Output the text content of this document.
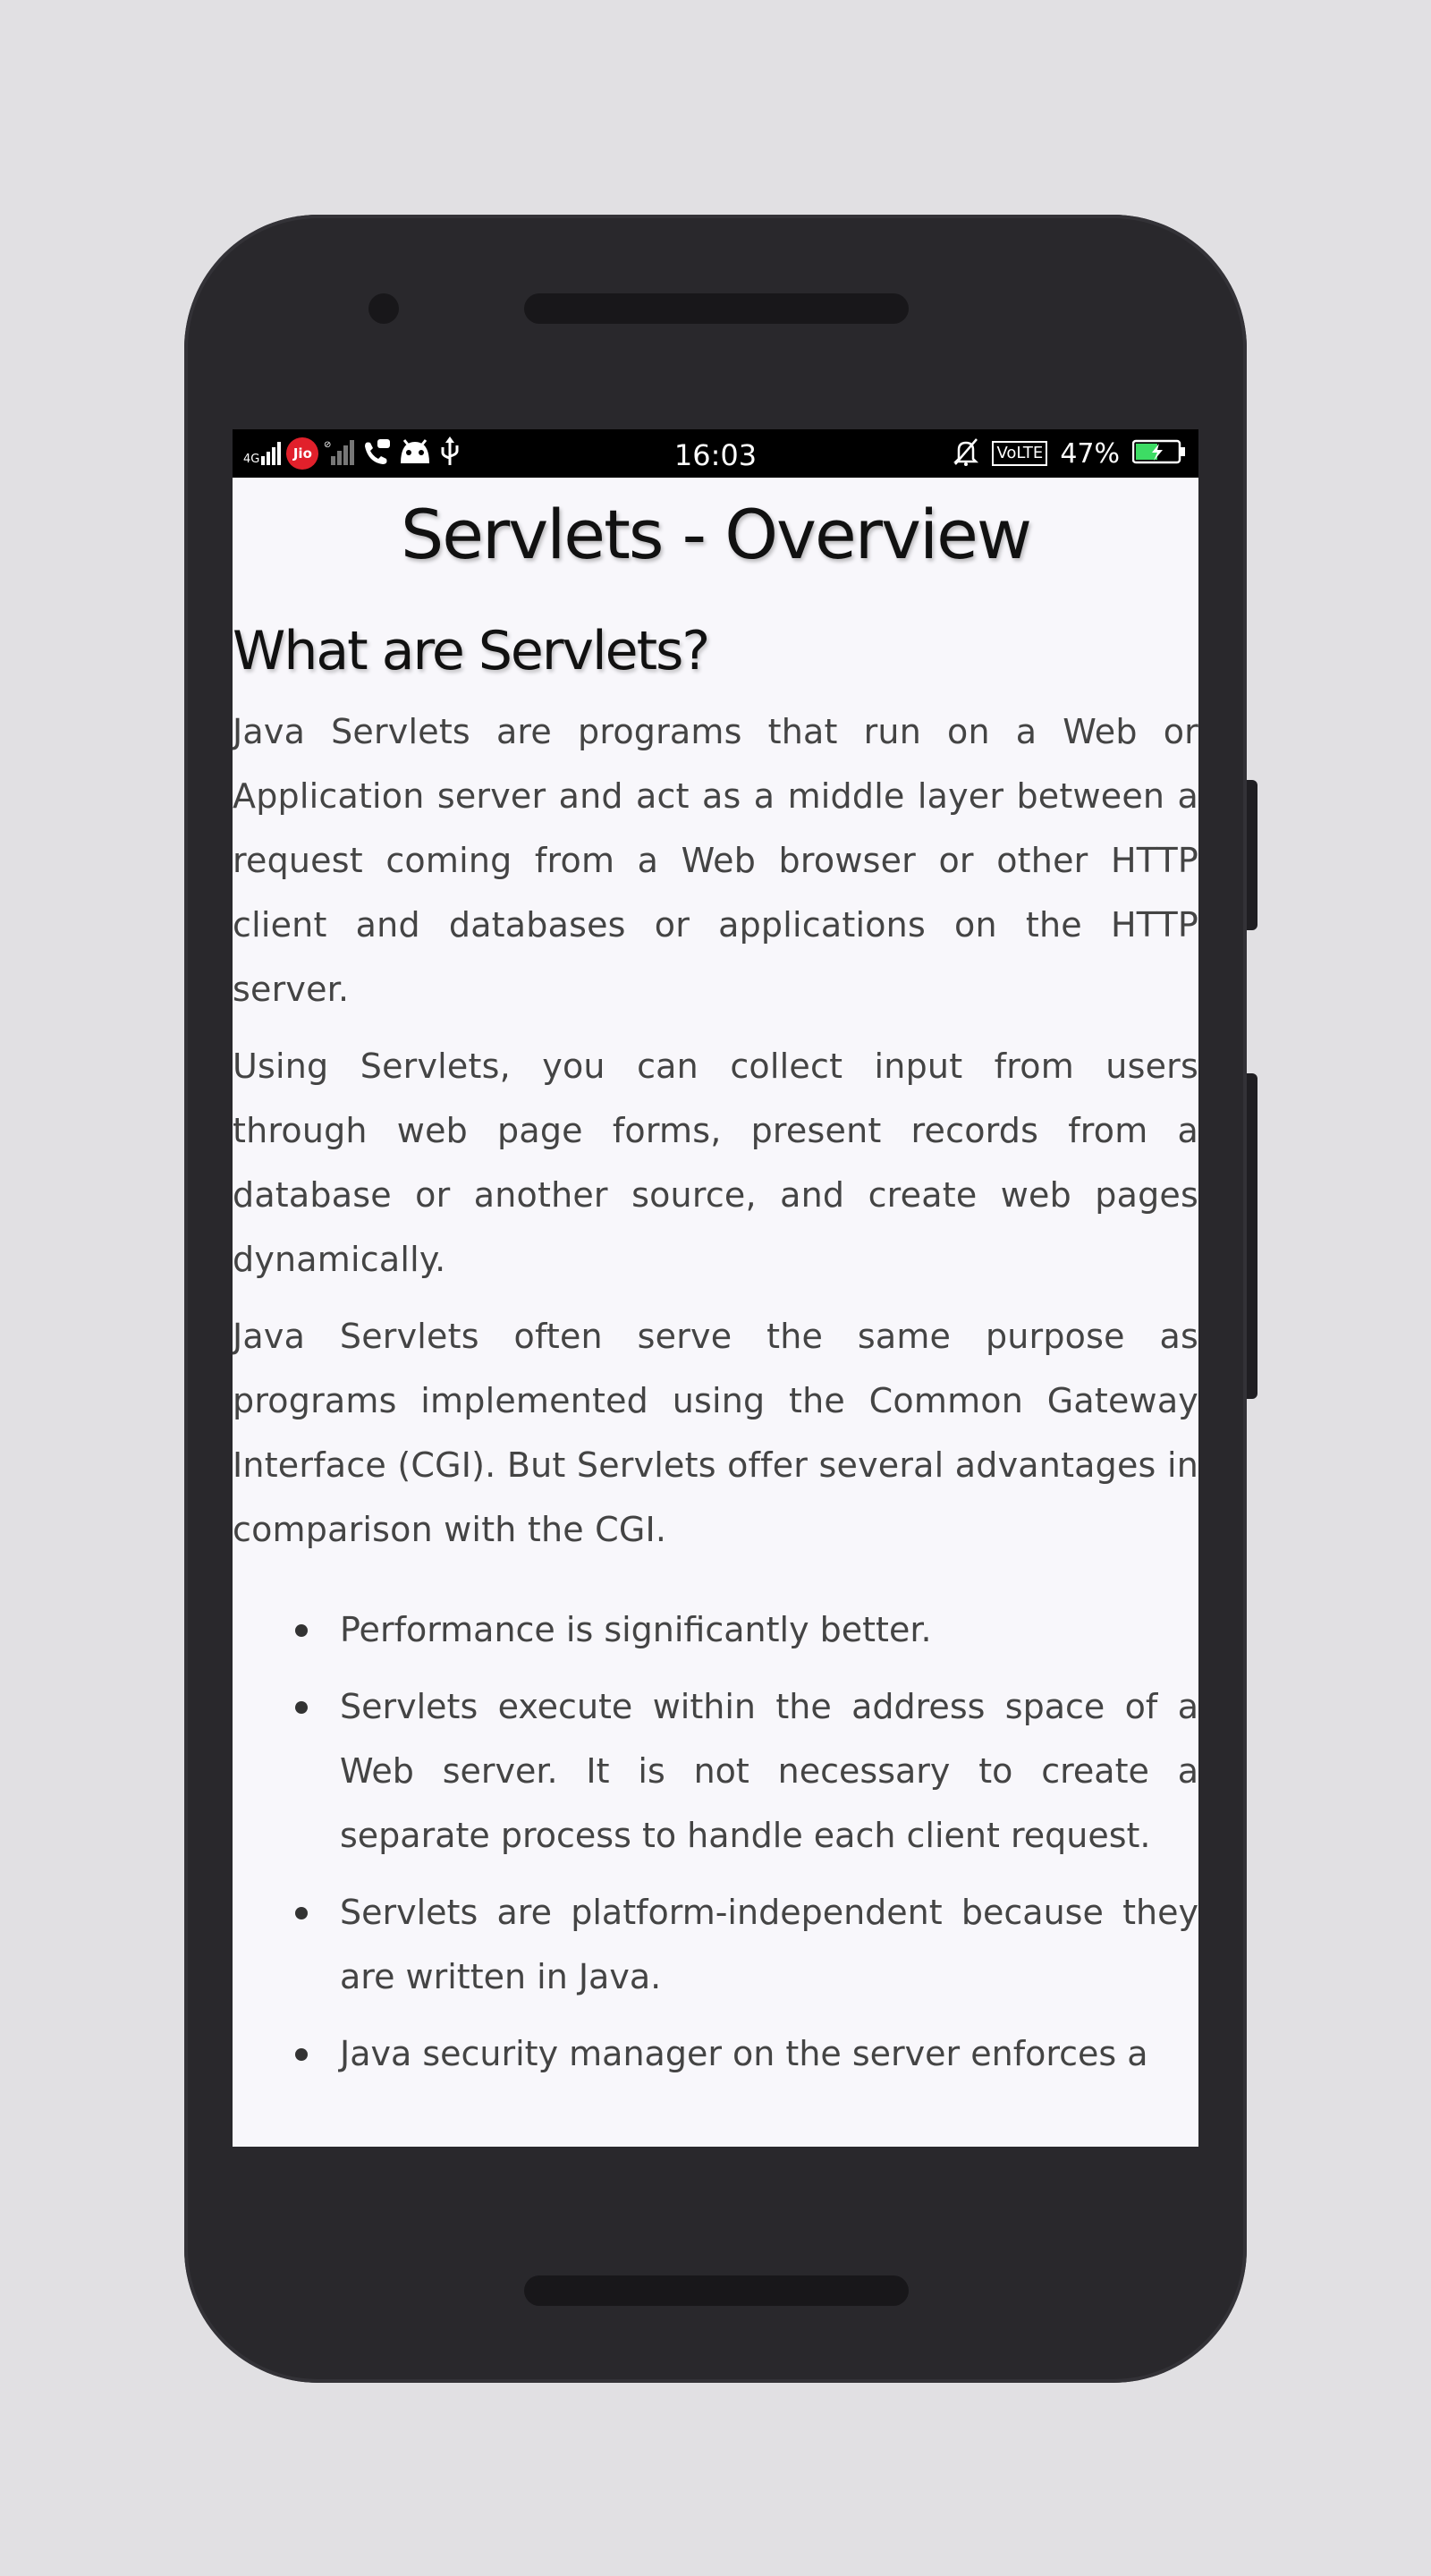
4G Jio
⊘	16:03	VoLTE 47%
Servlets - Overview
What are Servlets?

Java Servlets are programs that run on a Web or Application server and act as a middle layer between a request coming from a Web browser or other HTTP client and databases or applications on the HTTP server.

Using Servlets, you can collect input from users through web page forms, present records from a database or another source, and create web pages dynamically.

Java Servlets often serve the same purpose as programs implemented using the Common Gateway Interface (CGI). But Servlets offer several advantages in comparison with the CGI.

Performance is significantly better.
Servlets execute within the address space of a Web server. It is not necessary to create a separate process to handle each client request.
Servlets are platform-independent because they are written in Java.
Java security manager on the server enforces a
